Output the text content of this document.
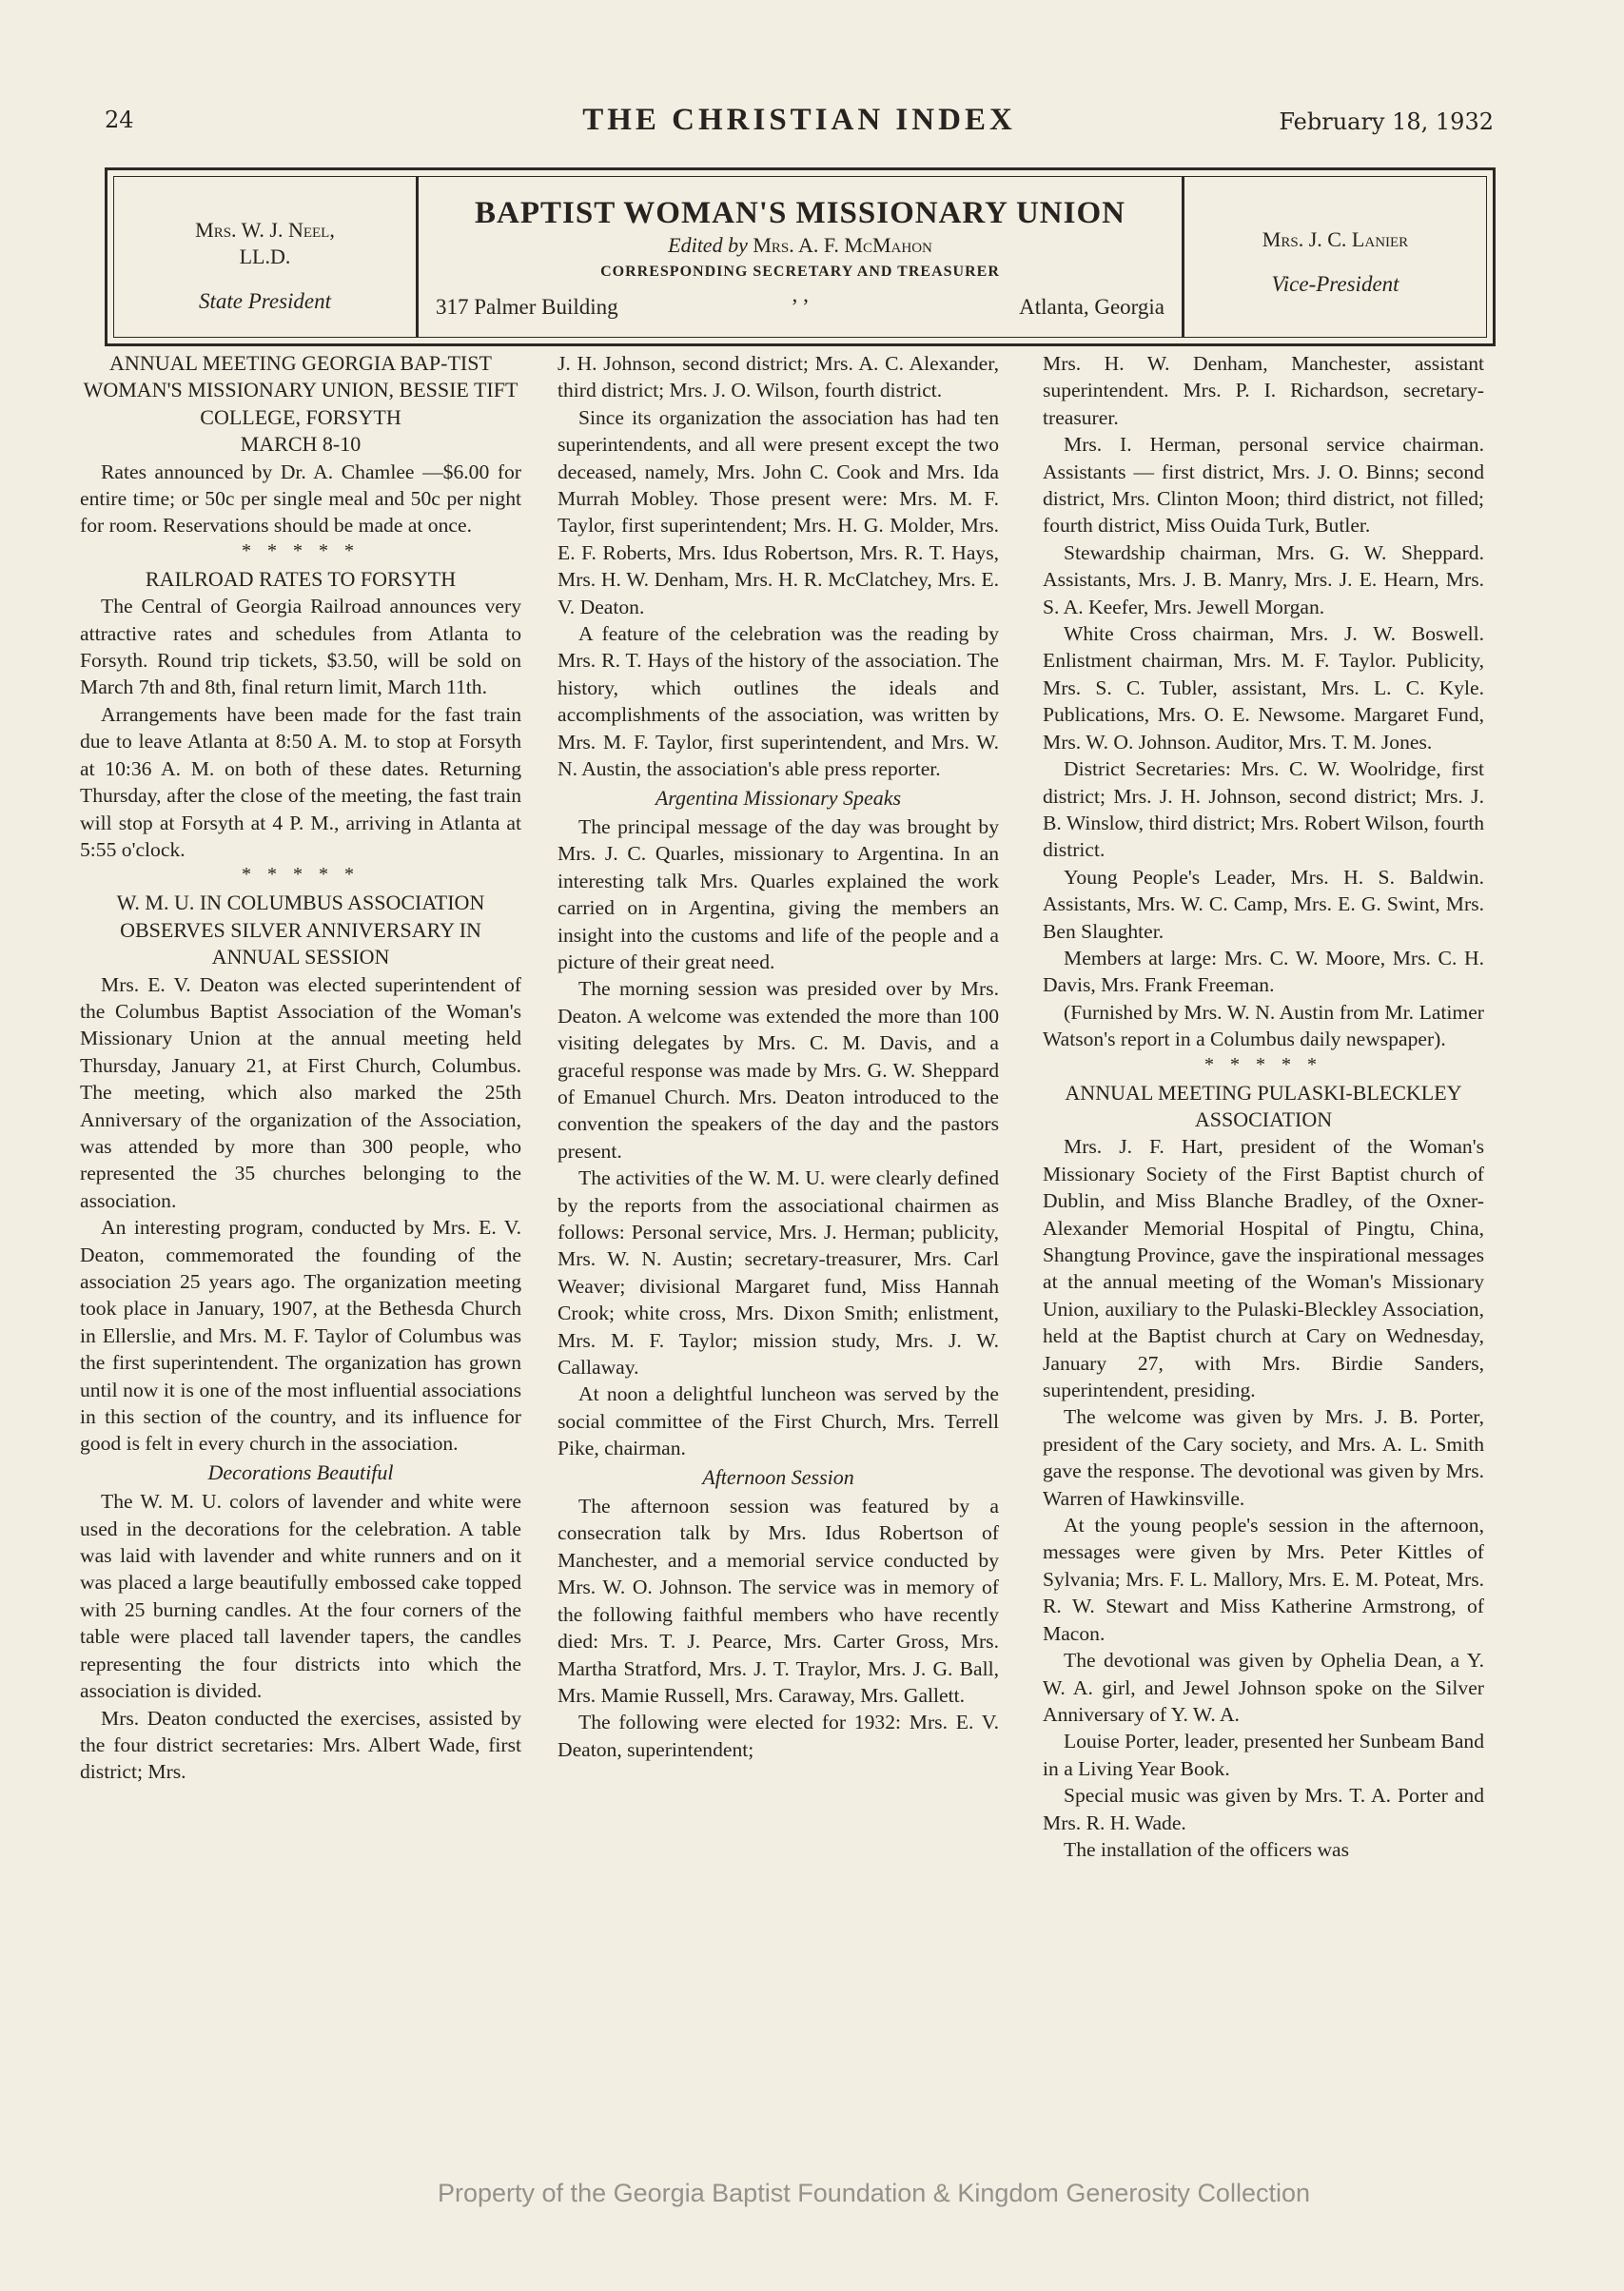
24	THE CHRISTIAN INDEX	February 18, 1932
Mrs. W. J. Neel,
LL.D.
State President
BAPTIST WOMAN'S MISSIONARY UNION
Edited by Mrs. A. F. McMahon
CORRESPONDING SECRETARY AND TREASURER
317 Palmer Building	’ ’	Atlanta, Georgia
Mrs. J. C. Lanier
Vice-President
ANNUAL MEETING GEORGIA BAP-TIST WOMAN'S MISSIONARY UNION, BESSIE TIFT COLLEGE, FORSYTH
MARCH 8-10

Rates announced by Dr. A. Chamlee —$6.00 for entire time; or 50c per single meal and 50c per night for room. Reservations should be made at once.

* * * * *
RAILROAD RATES TO FORSYTH

The Central of Georgia Railroad announces very attractive rates and schedules from Atlanta to Forsyth. Round trip tickets, $3.50, will be sold on March 7th and 8th, final return limit, March 11th.

Arrangements have been made for the fast train due to leave Atlanta at 8:50 A. M. to stop at Forsyth at 10:36 A. M. on both of these dates. Returning Thursday, after the close of the meeting, the fast train will stop at Forsyth at 4 P. M., arriving in Atlanta at 5:55 o'clock.

* * * * *
W. M. U. IN COLUMBUS ASSOCIATION OBSERVES SILVER ANNIVERSARY IN ANNUAL SESSION

Mrs. E. V. Deaton was elected superintendent of the Columbus Baptist Association of the Woman's Missionary Union at the annual meeting held Thursday, January 21, at First Church, Columbus. The meeting, which also marked the 25th Anniversary of the organization of the Association, was attended by more than 300 people, who represented the 35 churches belonging to the association.

An interesting program, conducted by Mrs. E. V. Deaton, commemorated the founding of the association 25 years ago. The organization meeting took place in January, 1907, at the Bethesda Church in Ellerslie, and Mrs. M. F. Taylor of Columbus was the first superintendent. The organization has grown until now it is one of the most influential associations in this section of the country, and its influence for good is felt in every church in the association.

Decorations Beautiful

The W. M. U. colors of lavender and white were used in the decorations for the celebration. A table was laid with lavender and white runners and on it was placed a large beautifully embossed cake topped with 25 burning candles. At the four corners of the table were placed tall lavender tapers, the candles representing the four districts into which the association is divided.

Mrs. Deaton conducted the exercises, assisted by the four district secretaries: Mrs. Albert Wade, first district; Mrs.

J. H. Johnson, second district; Mrs. A. C. Alexander, third district; Mrs. J. O. Wilson, fourth district.

Since its organization the association has had ten superintendents, and all were present except the two deceased, namely, Mrs. John C. Cook and Mrs. Ida Murrah Mobley. Those present were: Mrs. M. F. Taylor, first superintendent; Mrs. H. G. Molder, Mrs. E. F. Roberts, Mrs. Idus Robertson, Mrs. R. T. Hays, Mrs. H. W. Denham, Mrs. H. R. McClatchey, Mrs. E. V. Deaton.

A feature of the celebration was the reading by Mrs. R. T. Hays of the history of the association. The history, which outlines the ideals and accomplishments of the association, was written by Mrs. M. F. Taylor, first superintendent, and Mrs. W. N. Austin, the association's able press reporter.

Argentina Missionary Speaks

The principal message of the day was brought by Mrs. J. C. Quarles, missionary to Argentina. In an interesting talk Mrs. Quarles explained the work carried on in Argentina, giving the members an insight into the customs and life of the people and a picture of their great need.

The morning session was presided over by Mrs. Deaton. A welcome was extended the more than 100 visiting delegates by Mrs. C. M. Davis, and a graceful response was made by Mrs. G. W. Sheppard of Emanuel Church. Mrs. Deaton introduced to the convention the speakers of the day and the pastors present.

The activities of the W. M. U. were clearly defined by the reports from the associational chairmen as follows: Personal service, Mrs. J. Herman; publicity, Mrs. W. N. Austin; secretary-treasurer, Mrs. Carl Weaver; divisional Margaret fund, Miss Hannah Crook; white cross, Mrs. Dixon Smith; enlistment, Mrs. M. F. Taylor; mission study, Mrs. J. W. Callaway.

At noon a delightful luncheon was served by the social committee of the First Church, Mrs. Terrell Pike, chairman.

Afternoon Session

The afternoon session was featured by a consecration talk by Mrs. Idus Robertson of Manchester, and a memorial service conducted by Mrs. W. O. Johnson. The service was in memory of the following faithful members who have recently died: Mrs. T. J. Pearce, Mrs. Carter Gross, Mrs. Martha Stratford, Mrs. J. T. Traylor, Mrs. J. G. Ball, Mrs. Mamie Russell, Mrs. Caraway, Mrs. Gallett.

The following were elected for 1932: Mrs. E. V. Deaton, superintendent;

Mrs. H. W. Denham, Manchester, assistant superintendent. Mrs. P. I. Richardson, secretary-treasurer.

Mrs. I. Herman, personal service chairman. Assistants — first district, Mrs. J. O. Binns; second district, Mrs. Clinton Moon; third district, not filled; fourth district, Miss Ouida Turk, Butler.

Stewardship chairman, Mrs. G. W. Sheppard. Assistants, Mrs. J. B. Manry, Mrs. J. E. Hearn, Mrs. S. A. Keefer, Mrs. Jewell Morgan.

White Cross chairman, Mrs. J. W. Boswell. Enlistment chairman, Mrs. M. F. Taylor. Publicity, Mrs. S. C. Tubler, assistant, Mrs. L. C. Kyle. Publications, Mrs. O. E. Newsome. Margaret Fund, Mrs. W. O. Johnson. Auditor, Mrs. T. M. Jones.

District Secretaries: Mrs. C. W. Woolridge, first district; Mrs. J. H. Johnson, second district; Mrs. J. B. Winslow, third district; Mrs. Robert Wilson, fourth district.

Young People's Leader, Mrs. H. S. Baldwin. Assistants, Mrs. W. C. Camp, Mrs. E. G. Swint, Mrs. Ben Slaughter.

Members at large: Mrs. C. W. Moore, Mrs. C. H. Davis, Mrs. Frank Freeman.

(Furnished by Mrs. W. N. Austin from Mr. Latimer Watson's report in a Columbus daily newspaper).

* * * * *
ANNUAL MEETING PULASKI-BLECKLEY ASSOCIATION

Mrs. J. F. Hart, president of the Woman's Missionary Society of the First Baptist church of Dublin, and Miss Blanche Bradley, of the Oxner-Alexander Memorial Hospital of Pingtu, China, Shangtung Province, gave the inspirational messages at the annual meeting of the Woman's Missionary Union, auxiliary to the Pulaski-Bleckley Association, held at the Baptist church at Cary on Wednesday, January 27, with Mrs. Birdie Sanders, superintendent, presiding.

The welcome was given by Mrs. J. B. Porter, president of the Cary society, and Mrs. A. L. Smith gave the response. The devotional was given by Mrs. Warren of Hawkinsville.

At the young people's session in the afternoon, messages were given by Mrs. Peter Kittles of Sylvania; Mrs. F. L. Mallory, Mrs. E. M. Poteat, Mrs. R. W. Stewart and Miss Katherine Armstrong, of Macon.

The devotional was given by Ophelia Dean, a Y. W. A. girl, and Jewel Johnson spoke on the Silver Anniversary of Y. W. A.

Louise Porter, leader, presented her Sunbeam Band in a Living Year Book.

Special music was given by Mrs. T. A. Porter and Mrs. R. H. Wade.

The installation of the officers was

Property of the Georgia Baptist Foundation & Kingdom Generosity Collection
